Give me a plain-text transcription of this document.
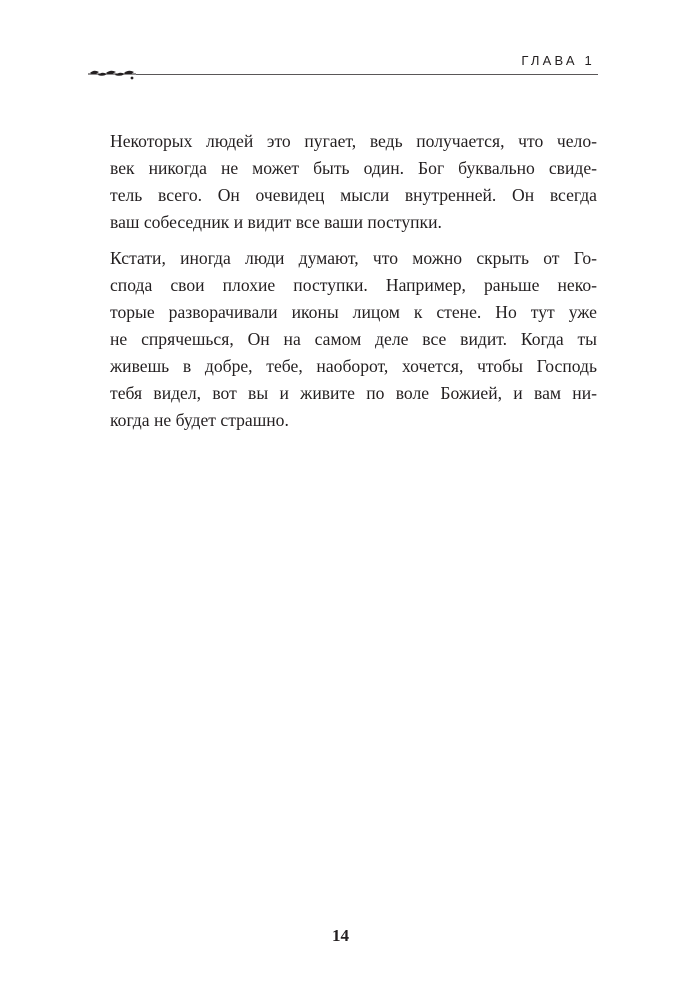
ГЛАВА 1

Некоторых людей это пугает, ведь получается, что чело-
век никогда не может быть один. Бог буквально свиде-
тель всего. Он очевидец мысли внутренней. Он всегда
ваш собеседник и видит все ваши поступки.

Кстати, иногда люди думают, что можно скрыть от Го-
спода свои плохие поступки. Например, раньше неко-
торые разворачивали иконы лицом к стене. Но тут уже
не спрячешься, Он на самом деле все видит. Когда ты
живешь в добре, тебе, наоборот, хочется, чтобы Господь
тебя видел, вот вы и живите по воле Божией, и вам ни-
когда не будет страшно.

14
